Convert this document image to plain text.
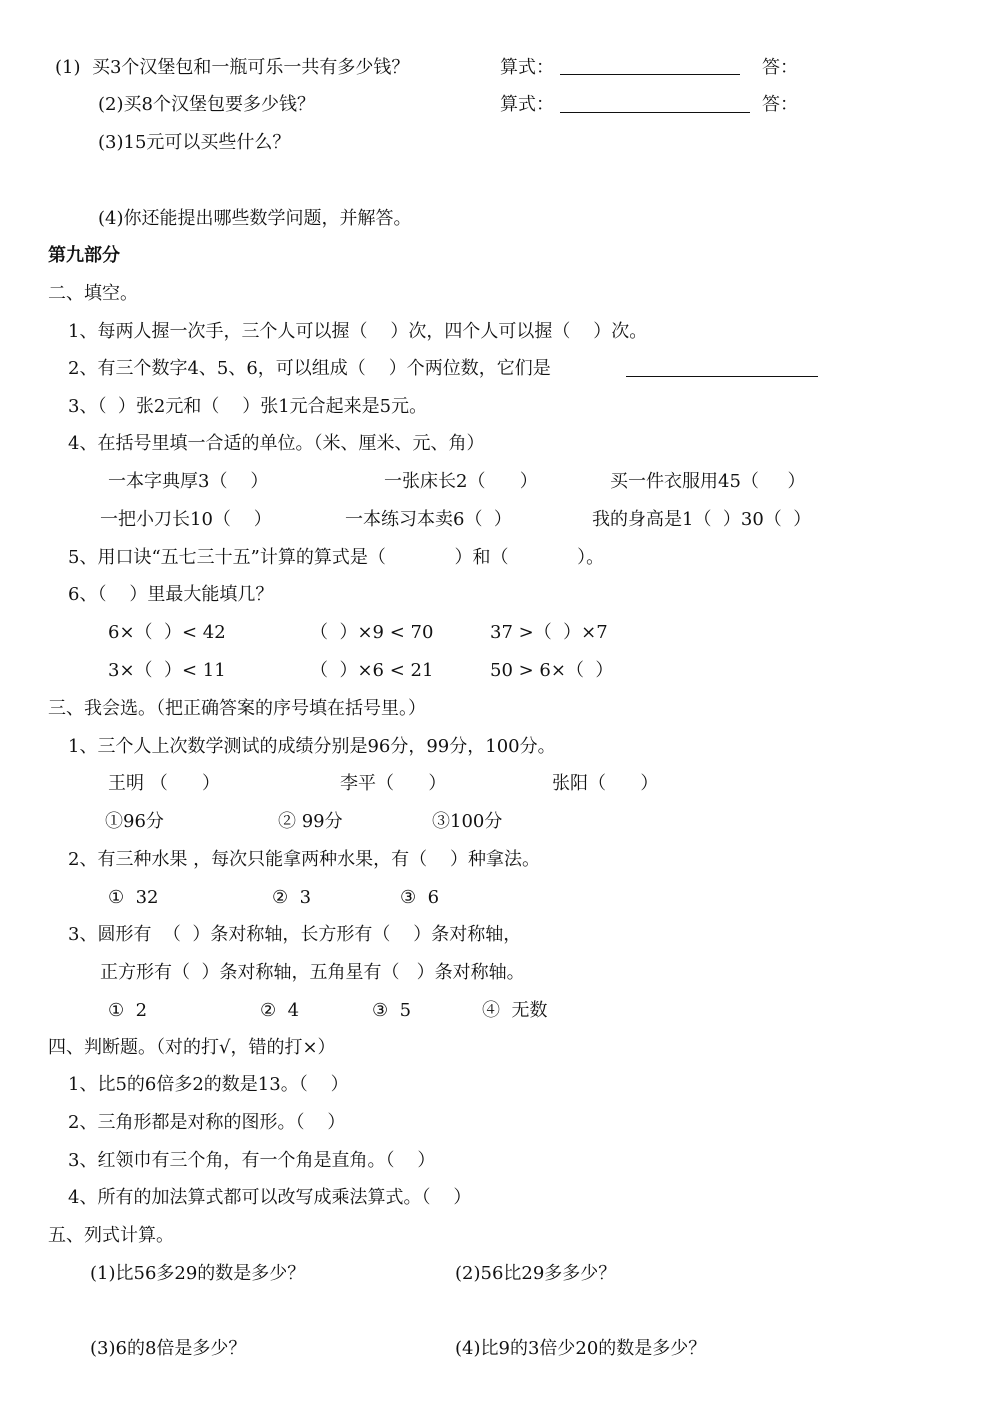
(1)  买3个汉堡包和一瓶可乐一共有多少钱？	算式：	答：
(2)买8个汉堡包要多少钱？	算式：	答：
(3)15元可以买些什么？
(4)你还能提出哪些数学问题，并解答。
第九部分
二、填空。
1、每两人握一次手，三个人可以握（    ）次，四个人可以握（    ）次。
2、有三个数字4、5、6，可以组成（    ）个两位数，它们是
3、（  ）张2元和（    ）张1元合起来是5元。
4、在括号里填一合适的单位。（米、厘米、元、角）
一本字典厚3（    ）	一张床长2（      ）	买一件衣服用45（     ）
一把小刀长10（    ）	一本练习本卖6（  ）	我的身高是1（  ）30（  ）
5、用口诀“五七三十五”计算的算式是（            ）和（            ）。
6、（    ）里最大能填几？
6×（  ）< 42	（  ）×9 < 70	37 >（  ）×7
3×（  ）< 11	（  ）×6 < 21	50 > 6×（  ）
三、我会选。（把正确答案的序号填在括号里。）
1、三个人上次数学测试的成绩分别是96分，99分，100分。
王明 （      ）	李平（      ）	张阳（      ）
①96分	② 99分	③100分
2、有三种水果 ，每次只能拿两种水果，有（    ）种拿法。
①  32	②  3	③  6
3、圆形有  （  ）条对称轴，长方形有（    ）条对称轴，
正方形有（  ）条对称轴，五角星有（   ）条对称轴。
①  2	②  4	③  5	④  无数
四、判断题。（对的打√，错的打×）
1、比5的6倍多2的数是13。（    ）
2、三角形都是对称的图形。（    ）
3、红领巾有三个角，有一个角是直角。（    ）
4、所有的加法算式都可以改写成乘法算式。（    ）
五、列式计算。
(1)比56多29的数是多少？	(2)56比29多多少？
(3)6的8倍是多少？	(4)比9的3倍少20的数是多少？
